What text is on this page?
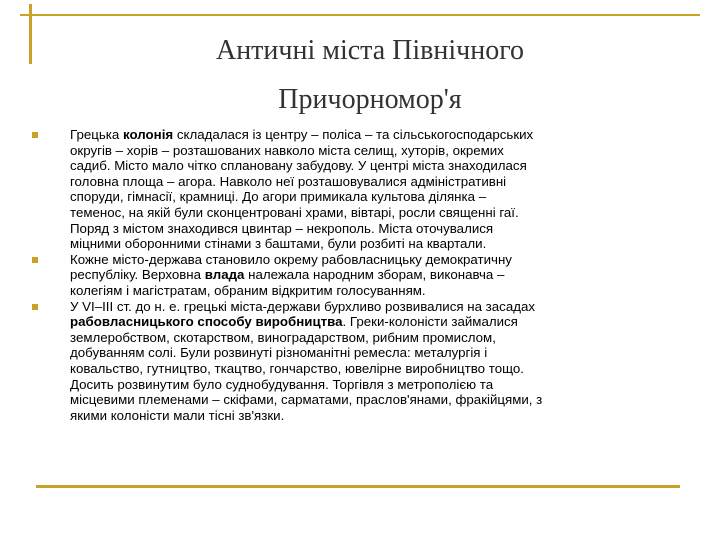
Античні міста Північного
Причорномор'я
Грецька колонія складалася із центру – поліса – та сільськогосподарських
округів – хорів – розташованих навколо міста селищ, хуторів, окремих
садиб. Місто мало чітко сплановану забудову. У центрі міста знаходилася
головна площа – агора. Навколо неї розташовувалися адміністративні
споруди, гімнасії, крамниці. До агори примикала культова ділянка –
теменос, на якій були сконцентровані храми, вівтарі, росли священні гаї.
Поряд з містом знаходився цвинтар – некрополь. Міста оточувалися
міцними оборонними стінами з баштами, були розбиті на квартали.
Кожне місто-держава становило окрему рабовласницьку демократичну
республіку. Верховна влада належала народним зборам, виконавча –
колегіям і магістратам, обраним відкритим голосуванням.
У VI–III ст. до н. е. грецькі міста-держави бурхливо розвивалися на засадах
рабовласницького способу виробництва. Греки-колоністи займалися
землеробством, скотарством, виноградарством, рибним промислом,
добуванням солі. Були розвинуті різноманітні ремесла: металургія і
ковальство, гутництво, ткацтво, гончарство, ювелірне виробництво тощо.
Досить розвинутим було суднобудування. Торгівля з метрополією та
місцевими племенами – скіфами, сарматами, праслов'янами, фракійцями, з
якими колоністи мали тісні зв'язки.
